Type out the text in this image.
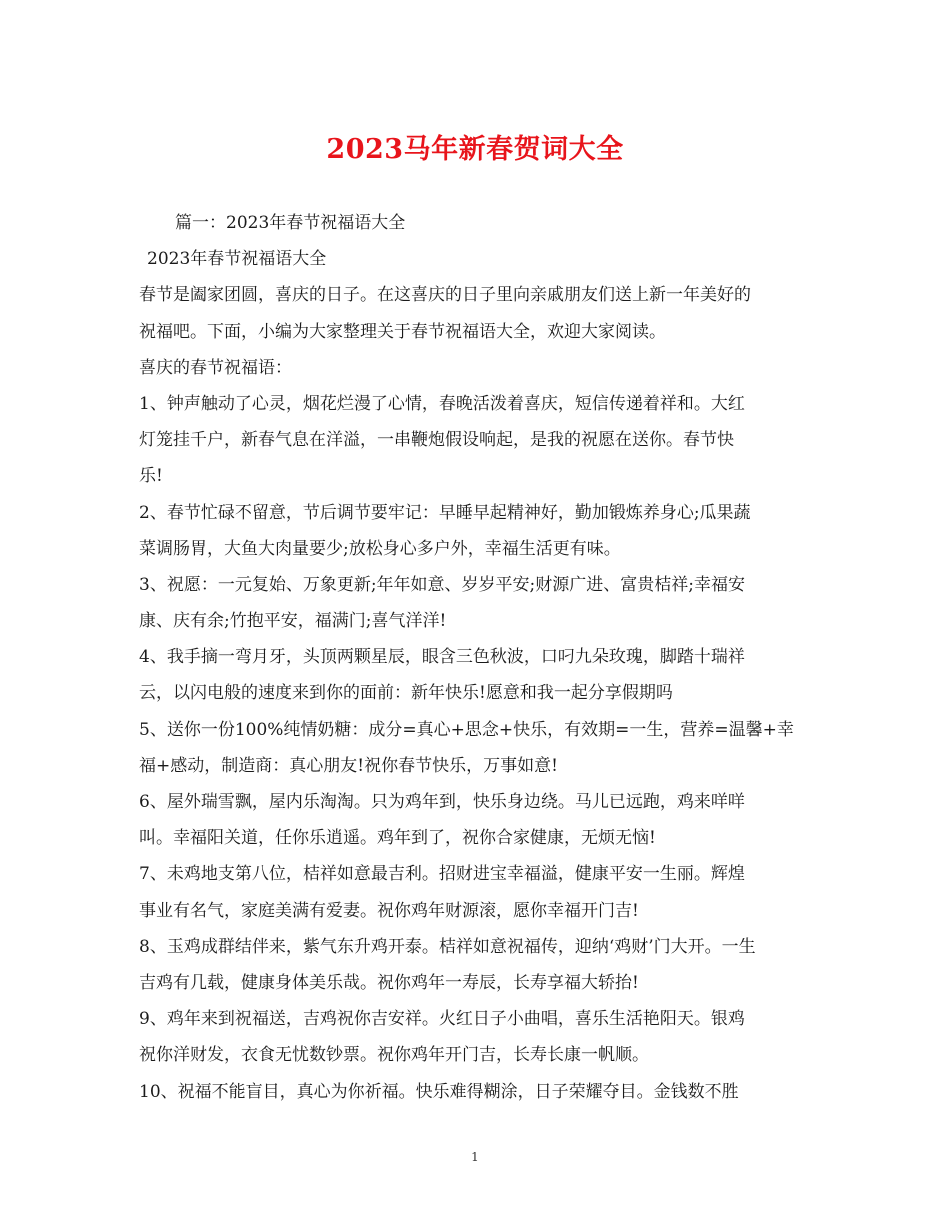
2023马年新春贺词大全
篇一：2023年春节祝福语大全
2023年春节祝福语大全
春节是阖家团圆，喜庆的日子。在这喜庆的日子里向亲戚朋友们送上新一年美好的
祝福吧。下面，小编为大家整理关于春节祝福语大全，欢迎大家阅读。
喜庆的春节祝福语：
1、钟声触动了心灵，烟花烂漫了心情，春晚活泼着喜庆，短信传递着祥和。大红
灯笼挂千户，新春气息在洋溢，一串鞭炮假设响起，是我的祝愿在送你。春节快
乐!
2、春节忙碌不留意，节后调节要牢记：早睡早起精神好，勤加锻炼养身心;瓜果蔬
菜调肠胃，大鱼大肉量要少;放松身心多户外，幸福生活更有味。
3、祝愿：一元复始、万象更新;年年如意、岁岁平安;财源广进、富贵桔祥;幸福安
康、庆有余;竹抱平安，福满门;喜气洋洋!
4、我手摘一弯月牙，头顶两颗星辰，眼含三色秋波，口叼九朵玫瑰，脚踏十瑞祥
云，以闪电般的速度来到你的面前：新年快乐!愿意和我一起分享假期吗
5、送你一份100%纯情奶糖：成分=真心+思念+快乐，有效期=一生，营养=温馨+幸
福+感动，制造商：真心朋友!祝你春节快乐，万事如意!
6、屋外瑞雪飘，屋内乐淘淘。只为鸡年到，快乐身边绕。马儿已远跑，鸡来咩咩
叫。幸福阳关道，任你乐逍遥。鸡年到了，祝你合家健康，无烦无恼!
7、未鸡地支第八位，桔祥如意最吉利。招财进宝幸福溢，健康平安一生丽。辉煌
事业有名气，家庭美满有爱妻。祝你鸡年财源滚，愿你幸福开门吉!
8、玉鸡成群结伴来，紫气东升鸡开泰。桔祥如意祝福传，迎纳‘鸡财’门大开。一生
吉鸡有几载，健康身体美乐哉。祝你鸡年一寿辰，长寿享福大轿抬!
9、鸡年来到祝福送，吉鸡祝你吉安祥。火红日子小曲唱，喜乐生活艳阳天。银鸡
祝你洋财发，衣食无忧数钞票。祝你鸡年开门吉，长寿长康一帆顺。
10、祝福不能盲目，真心为你祈福。快乐难得糊涂，日子荣耀夺目。金钱数不胜
1
